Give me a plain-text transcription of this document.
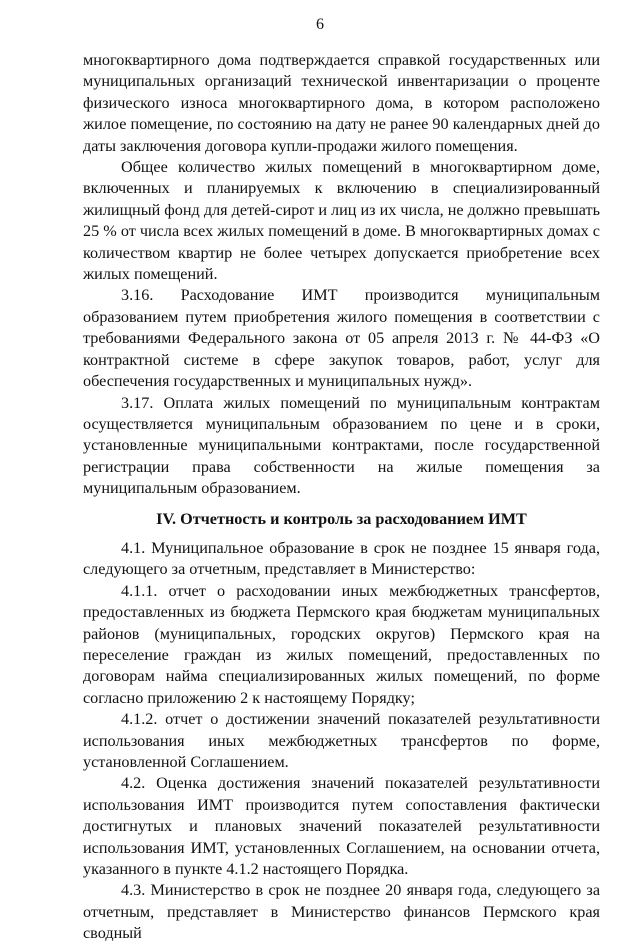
6

многоквартирного дома подтверждается справкой государственных или муниципальных организаций технической инвентаризации о проценте физического износа многоквартирного дома, в котором расположено жилое помещение, по состоянию на дату не ранее 90 календарных дней до даты заключения договора купли-продажи жилого помещения.

Общее количество жилых помещений в многоквартирном доме, включенных и планируемых к включению в специализированный жилищный фонд для детей-сирот и лиц из их числа, не должно превышать 25 % от числа всех жилых помещений в доме. В многоквартирных домах с количеством квартир не более четырех допускается приобретение всех жилых помещений.

3.16. Расходование ИМТ производится муниципальным образованием путем приобретения жилого помещения в соответствии с требованиями Федерального закона от 05 апреля 2013 г. № 44-ФЗ «О контрактной системе в сфере закупок товаров, работ, услуг для обеспечения государственных и муниципальных нужд».

3.17. Оплата жилых помещений по муниципальным контрактам осуществляется муниципальным образованием по цене и в сроки, установленные муниципальными контрактами, после государственной регистрации права собственности на жилые помещения за муниципальным образованием.

IV. Отчетность и контроль за расходованием ИМТ

4.1. Муниципальное образование в срок не позднее 15 января года, следующего за отчетным, представляет в Министерство:

4.1.1. отчет о расходовании иных межбюджетных трансфертов, предоставленных из бюджета Пермского края бюджетам муниципальных районов (муниципальных, городских округов) Пермского края на переселение граждан из жилых помещений, предоставленных по договорам найма специализированных жилых помещений, по форме согласно приложению 2 к настоящему Порядку;

4.1.2. отчет о достижении значений показателей результативности использования иных межбюджетных трансфертов по форме, установленной Соглашением.

4.2. Оценка достижения значений показателей результативности использования ИМТ производится путем сопоставления фактически достигнутых и плановых значений показателей результативности использования ИМТ, установленных Соглашением, на основании отчета, указанного в пункте 4.1.2 настоящего Порядка.

4.3. Министерство в срок не позднее 20 января года, следующего за отчетным, представляет в Министерство финансов Пермского края сводный
